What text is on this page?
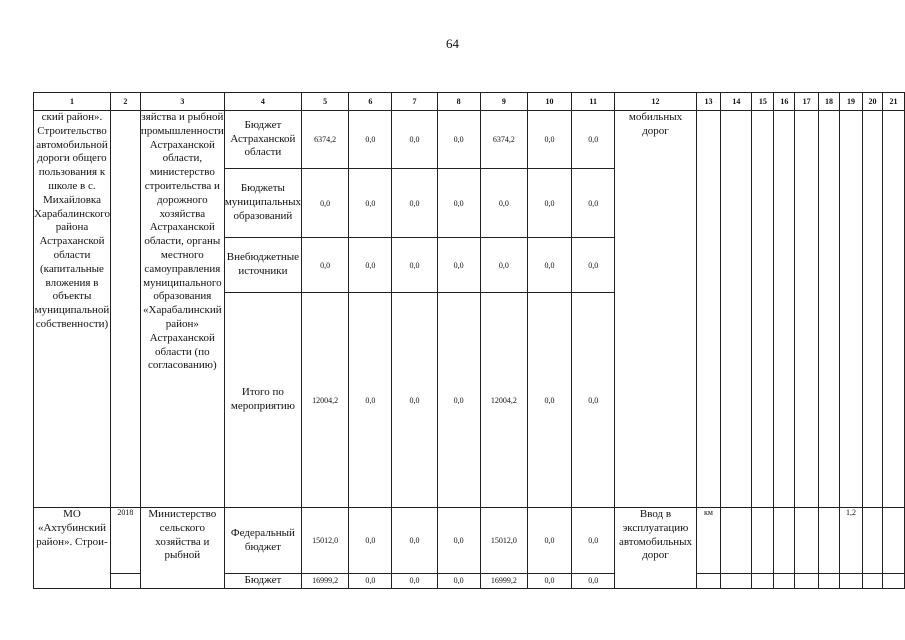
64
1	2	3	4	5	6	7	8	9	10	11	12	13	14	15	16	17	18	19	20	21
ский район». Строительство автомобильной дороги общего пользования к школе в с. Михайловка Харабалинского района Астраханской области (капитальные вложения в объекты муниципальной собственности)		зяйства и рыбной промышленности Астраханской области, министерство строительства и дорожного хозяйства Астраханской области, органы местного самоуправления муниципального образования «Харабалинский район» Астраханской области (по согласованию)	Бюджет Астраханской области	6374,2	0,0	0,0	0,0	6374,2	0,0	0,0	мобильных дорог									
			Бюджеты муниципальных образований	0,0	0,0	0,0	0,0	0,0	0,0	0,0										
			Внебюджетные источники	0,0	0,0	0,0	0,0	0,0	0,0	0,0										
			Итого по мероприятию	12004,2	0,0	0,0	0,0	12004,2	0,0	0,0										
МО «Ахтубинский район». Строи-	2018	Министерство сельского хозяйства и рыбной	Федеральный бюджет	15012,0	0,0	0,0	0,0	15012,0	0,0	0,0	Ввод в эксплуатацию автомобильных дорог	км						1,2		
			Бюджет	16999,2	0,0	0,0	0,0	16999,2	0,0	0,0										
